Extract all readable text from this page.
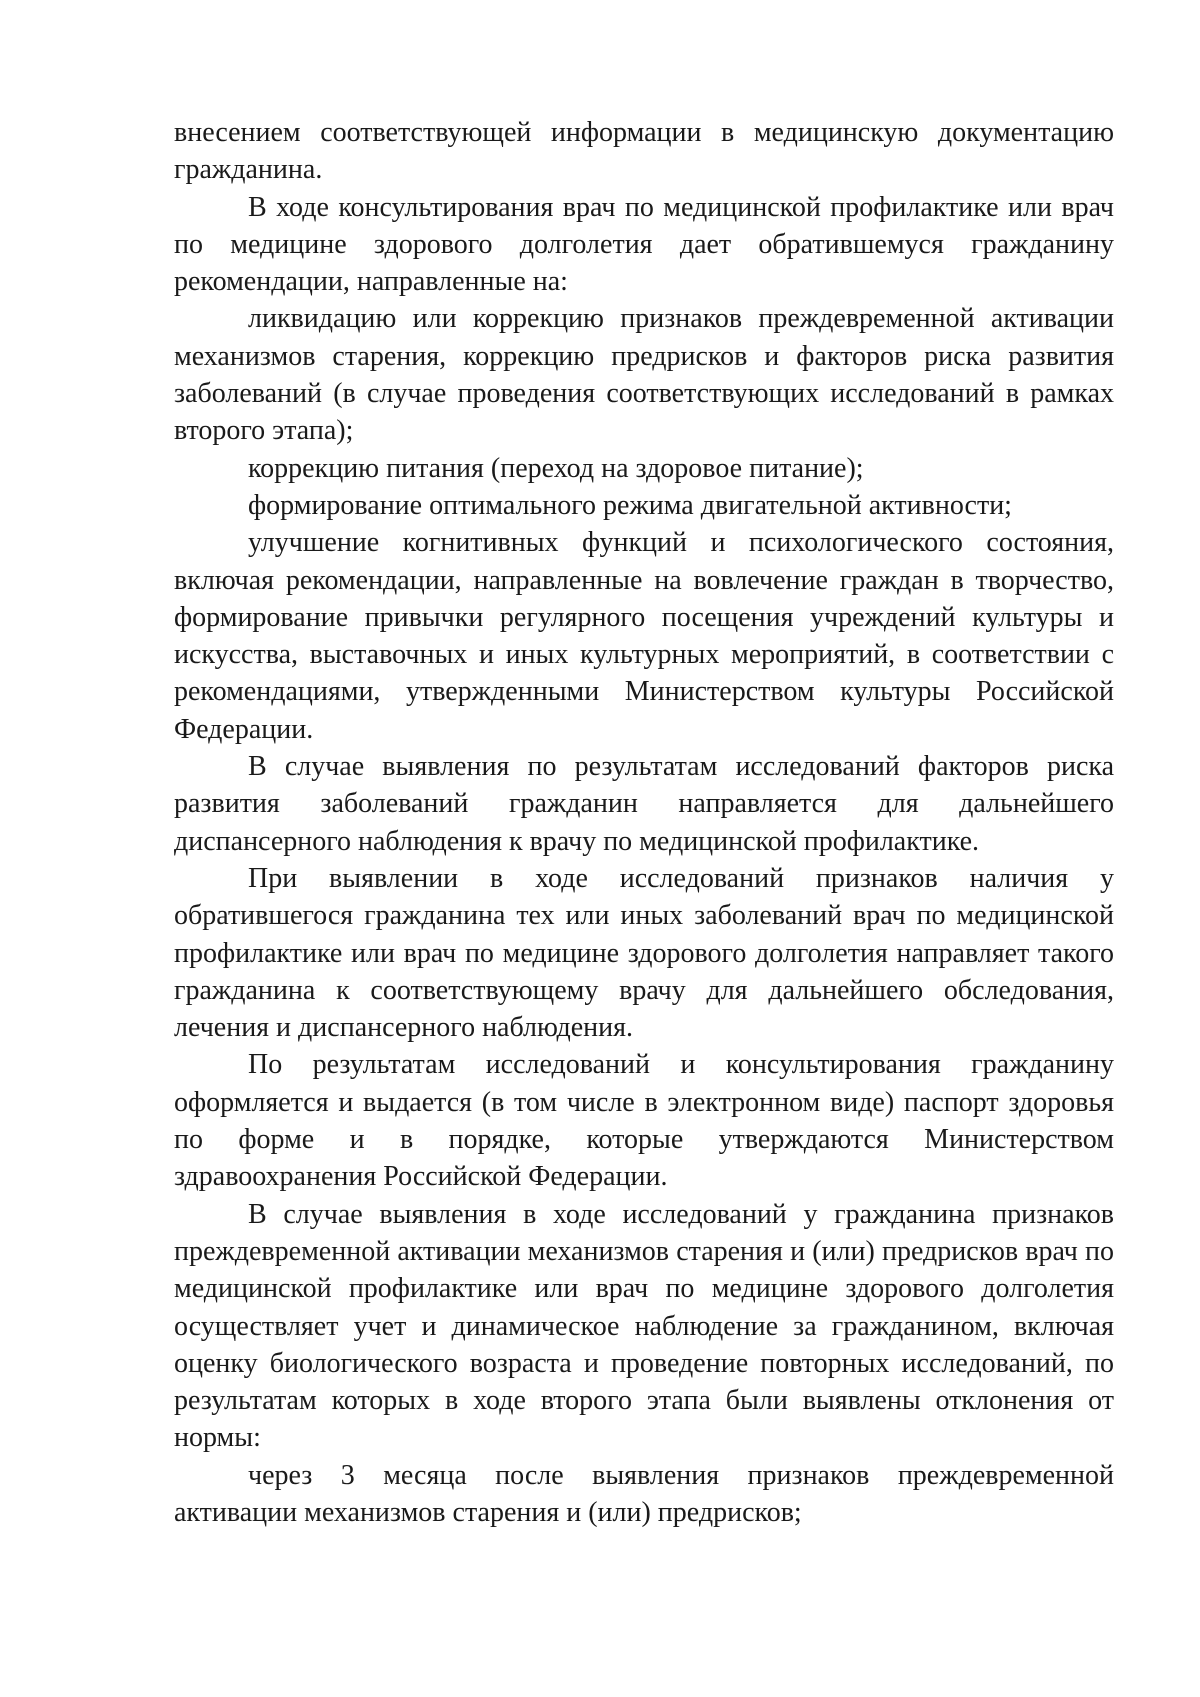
внесением соответствующей информации в медицинскую документацию гражданина.

В ходе консультирования врач по медицинской профилактике или врач по медицине здорового долголетия дает обратившемуся гражданину рекомендации, направленные на:

ликвидацию или коррекцию признаков преждевременной активации механизмов старения, коррекцию предрисков и факторов риска развития заболеваний (в случае проведения соответствующих исследований в рамках второго этапа);

коррекцию питания (переход на здоровое питание);

формирование оптимального режима двигательной активности;

улучшение когнитивных функций и психологического состояния, включая рекомендации, направленные на вовлечение граждан в творчество, формирование привычки регулярного посещения учреждений культуры и искусства, выставочных и иных культурных мероприятий, в соответствии с рекомендациями, утвержденными Министерством культуры Российской Федерации.

В случае выявления по результатам исследований факторов риска развития заболеваний гражданин направляется для дальнейшего диспансерного наблюдения к врачу по медицинской профилактике.

При выявлении в ходе исследований признаков наличия у обратившегося гражданина тех или иных заболеваний врач по медицинской профилактике или врач по медицине здорового долголетия направляет такого гражданина к соответствующему врачу для дальнейшего обследования, лечения и диспансерного наблюдения.

По результатам исследований и консультирования гражданину оформляется и выдается (в том числе в электронном виде) паспорт здоровья по форме и в порядке, которые утверждаются Министерством здравоохранения Российской Федерации.

В случае выявления в ходе исследований у гражданина признаков преждевременной активации механизмов старения и (или) предрисков врач по медицинской профилактике или врач по медицине здорового долголетия осуществляет учет и динамическое наблюдение за гражданином, включая оценку биологического возраста и проведение повторных исследований, по результатам которых в ходе второго этапа были выявлены отклонения от нормы:

через 3 месяца после выявления признаков преждевременной активации механизмов старения и (или) предрисков;
